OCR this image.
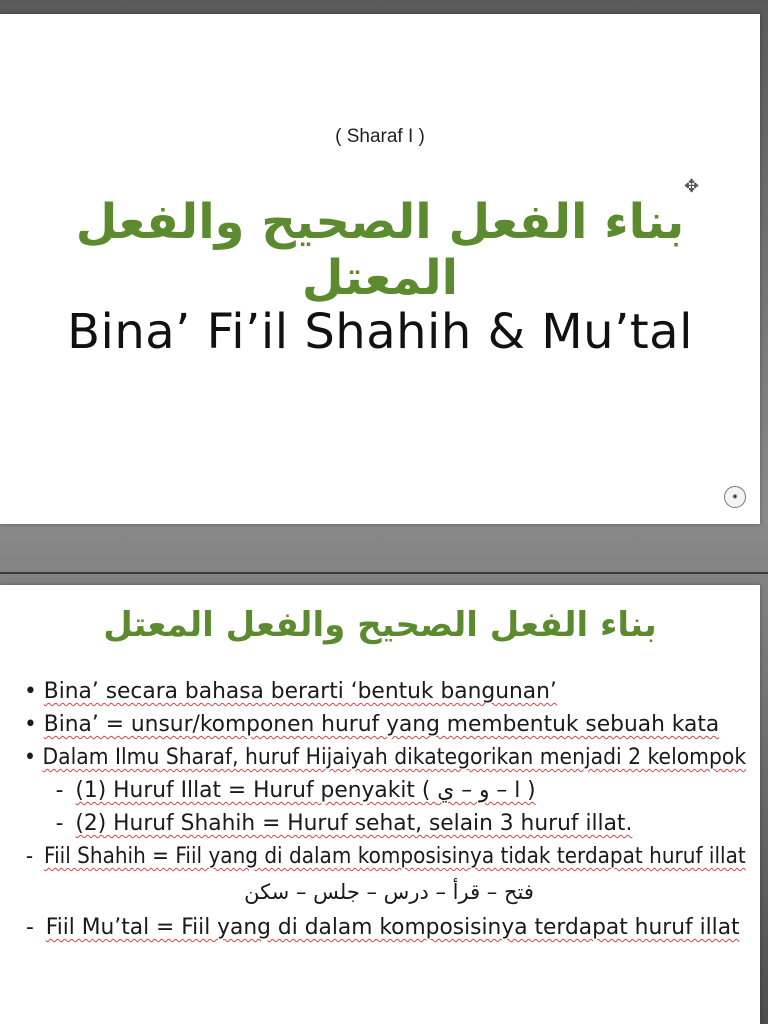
( Sharaf I )
بناء الفعل الصحيح والفعل المعتل
Bina’ Fi’il Shahih & Mu’tal
✥
◉
بناء الفعل الصحيح والفعل المعتل
• Bina’ secara bahasa berarti ‘bentuk bangunan’
• Bina’ = unsur/komponen huruf yang membentuk sebuah kata
• Dalam Ilmu Sharaf, huruf Hijaiyah dikategorikan menjadi 2 kelompok
- (1) Huruf Illat = Huruf penyakit ( ا – و – ي )
- (2) Huruf Shahih = Huruf sehat, selain 3 huruf illat.
- Fiil Shahih = Fiil yang di dalam komposisinya tidak terdapat huruf illat
فتح – قرأ – درس – جلس – سكن
- Fiil Mu’tal = Fiil yang di dalam komposisinya terdapat huruf illat
